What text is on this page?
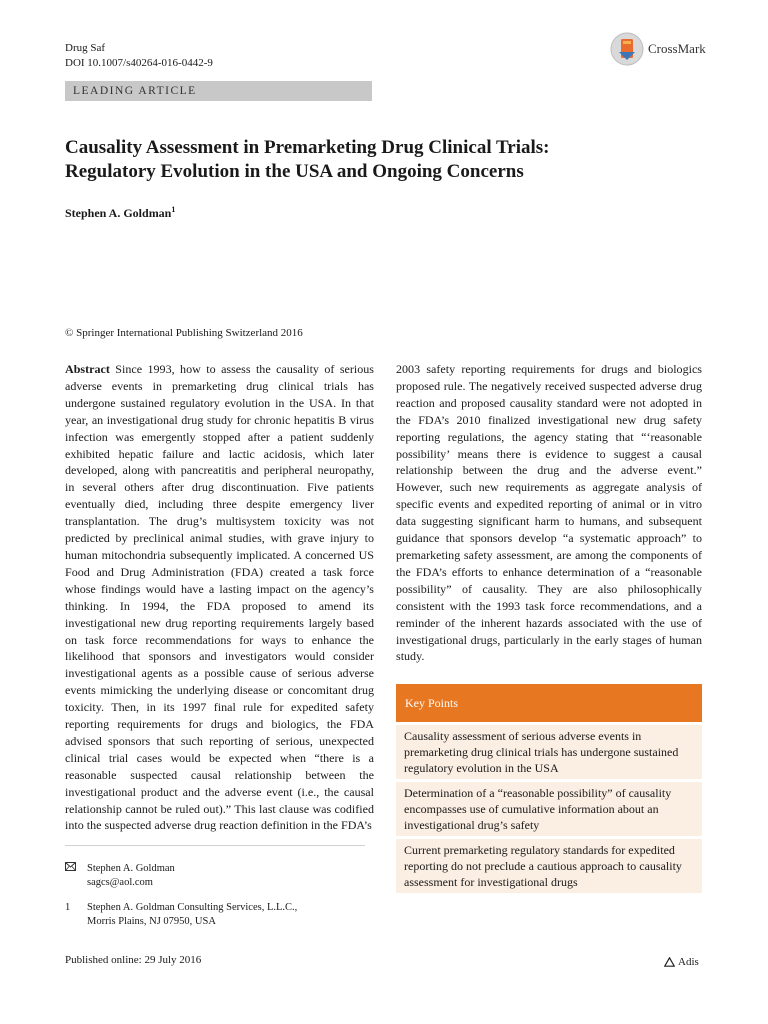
Drug Saf
DOI 10.1007/s40264-016-0442-9
CrossMark
LEADING ARTICLE
Causality Assessment in Premarketing Drug Clinical Trials:
Regulatory Evolution in the USA and Ongoing Concerns
Stephen A. Goldman$^1$
© Springer International Publishing Switzerland 2016

Abstract Since 1993, how to assess the causality of serious adverse events in premarketing drug clinical trials has undergone sustained regulatory evolution in the USA. In that year, an investigational drug study for chronic hepatitis B virus infection was emergently stopped after a patient suddenly exhibited hepatic failure and lactic acidosis, which later developed, along with pancreatitis and peripheral neuropathy, in several others after drug discontinuation. Five patients eventually died, including three despite emergency liver transplantation. The drug’s multisystem toxicity was not predicted by preclinical animal studies, with grave injury to human mitochondria subsequently implicated. A concerned US Food and Drug Administration (FDA) created a task force whose findings would have a lasting impact on the agency’s thinking. In 1994, the FDA proposed to amend its investigational new drug reporting requirements largely based on task force recommendations for ways to enhance the likelihood that sponsors and investigators would consider investigational agents as a possible cause of serious adverse events mimicking the underlying disease or concomitant drug toxicity. Then, in its 1997 final rule for expedited safety reporting requirements for drugs and biologics, the FDA advised sponsors that such reporting of serious, unexpected clinical trial cases would be expected when “there is a reasonable suspected causal relationship between the investigational product and the adverse event (i.e., the causal relationship cannot be ruled out).” This last clause was codified into the suspected adverse drug reaction definition in the FDA’s

2003 safety reporting requirements for drugs and biologics proposed rule. The negatively received suspected adverse drug reaction and proposed causality standard were not adopted in the FDA’s 2010 finalized investigational new drug safety reporting regulations, the agency stating that “‘reasonable possibility’ means there is evidence to suggest a causal relationship between the drug and the adverse event.” However, such new requirements as aggregate analysis of specific events and expedited reporting of animal or in vitro data suggesting significant harm to humans, and subsequent guidance that sponsors develop “a systematic approach” to premarketing safety assessment, are among the components of the FDA’s efforts to enhance determination of a “reasonable possibility” of causality. They are also philosophically consistent with the 1993 task force recommendations, and a reminder of the inherent hazards associated with the use of investigational drugs, particularly in the early stages of human study.

Key Points
Causality assessment of serious adverse events in premarketing drug clinical trials has undergone sustained regulatory evolution in the USA
Determination of a “reasonable possibility” of causality encompasses use of cumulative information about an investigational drug’s safety
Current premarketing regulatory standards for expedited reporting do not preclude a cautious approach to causality assessment for investigational drugs
Stephen A. Goldman
sagcs@aol.com
1	Stephen A. Goldman Consulting Services, L.L.C.,
Morris Plains, NJ 07950, USA
Published online: 29 July 2016	Adis
